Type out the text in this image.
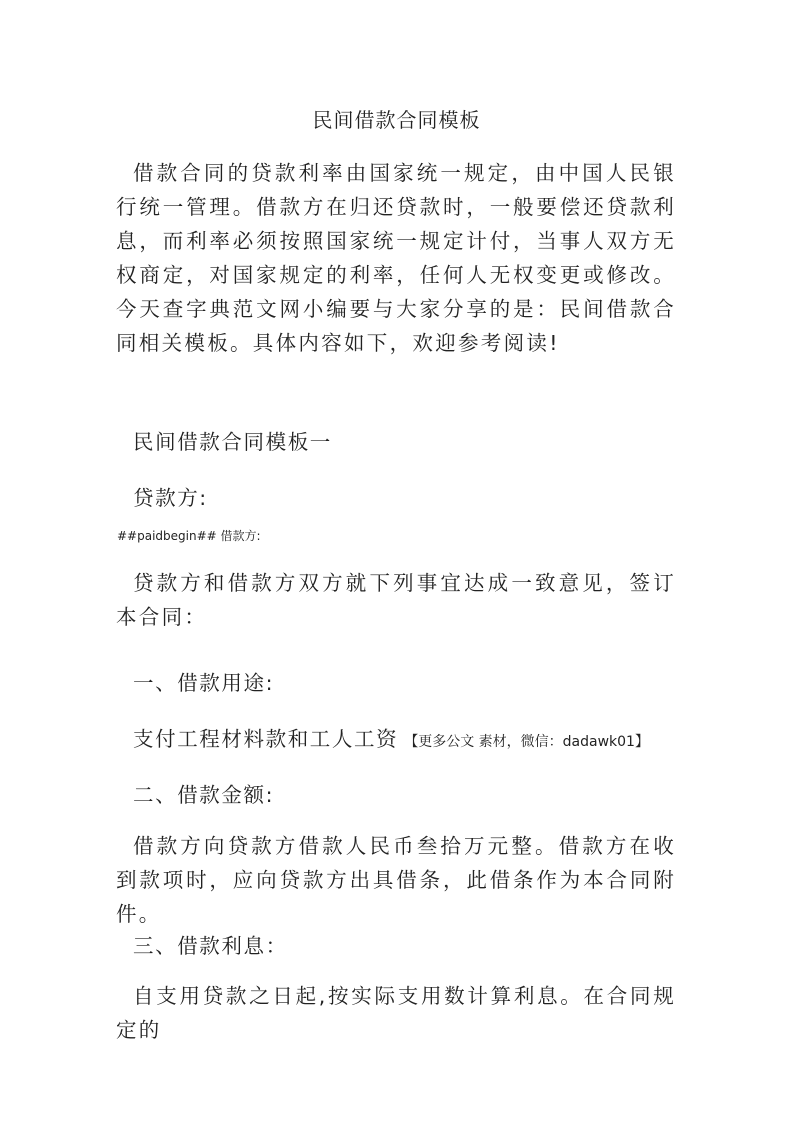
民间借款合同模板

借款合同的贷款利率由国家统一规定，由中国人民银行统一管理。借款方在归还贷款时，一般要偿还贷款利息，而利率必须按照国家统一规定计付，当事人双方无权商定，对国家规定的利率，任何人无权变更或修改。今天查字典范文网小编要与大家分享的是：民间借款合同相关模板。具体内容如下，欢迎参考阅读!

民间借款合同模板一
贷款方:
##paidbegin## 借款方:

贷款方和借款方双方就下列事宜达成一致意见，签订本合同：

一、借款用途:
支付工程材料款和工人工资 【更多公文 素材，微信：dadawk01】
二、借款金额:

借款方向贷款方借款人民币叁拾万元整。借款方在收到款项时，应向贷款方出具借条，此借条作为本合同附件。

三、借款利息：

自支用贷款之日起,按实际支用数计算利息。在合同规定的
